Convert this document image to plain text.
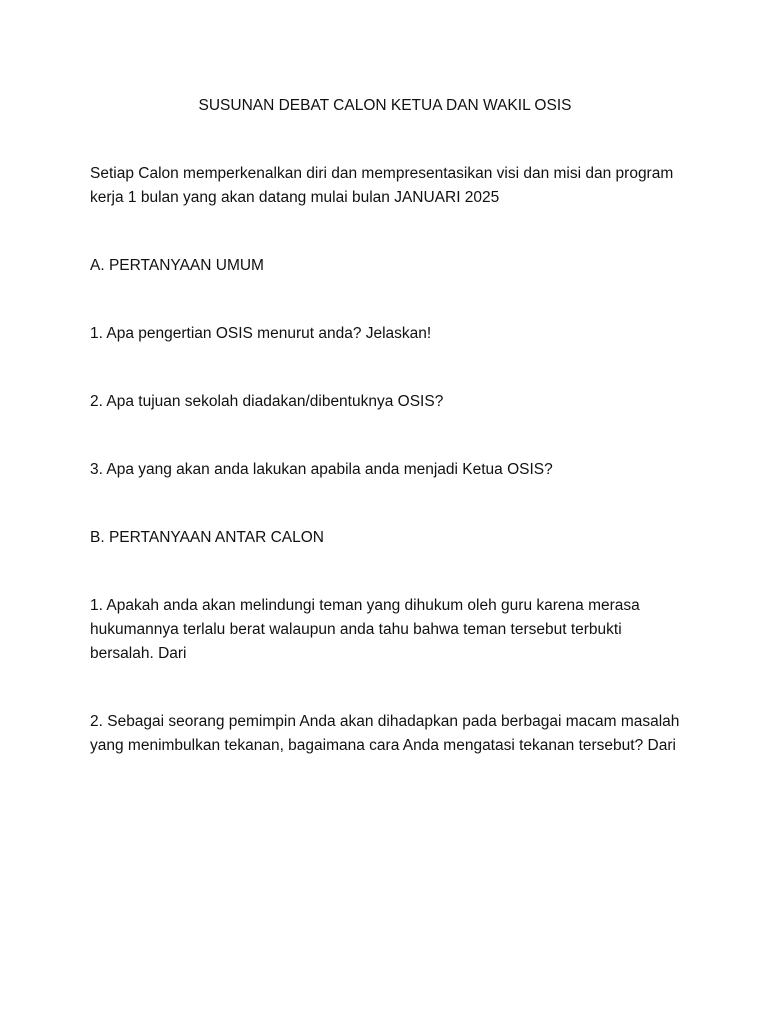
SUSUNAN DEBAT CALON KETUA DAN WAKIL OSIS

Setiap Calon memperkenalkan diri dan mempresentasikan visi dan misi dan program kerja 1 bulan yang akan datang mulai bulan JANUARI 2025

A. PERTANYAAN UMUM

1. Apa pengertian OSIS menurut anda? Jelaskan!

2. Apa tujuan sekolah diadakan/dibentuknya OSIS?

3. Apa yang akan anda lakukan apabila anda menjadi Ketua OSIS?

B. PERTANYAAN ANTAR CALON

1. Apakah anda akan melindungi teman yang dihukum oleh guru karena merasa hukumannya terlalu berat walaupun anda tahu bahwa teman tersebut terbukti bersalah. Dari

2. Sebagai seorang pemimpin Anda akan dihadapkan pada berbagai macam masalah yang menimbulkan tekanan, bagaimana cara Anda mengatasi tekanan tersebut? Dari
